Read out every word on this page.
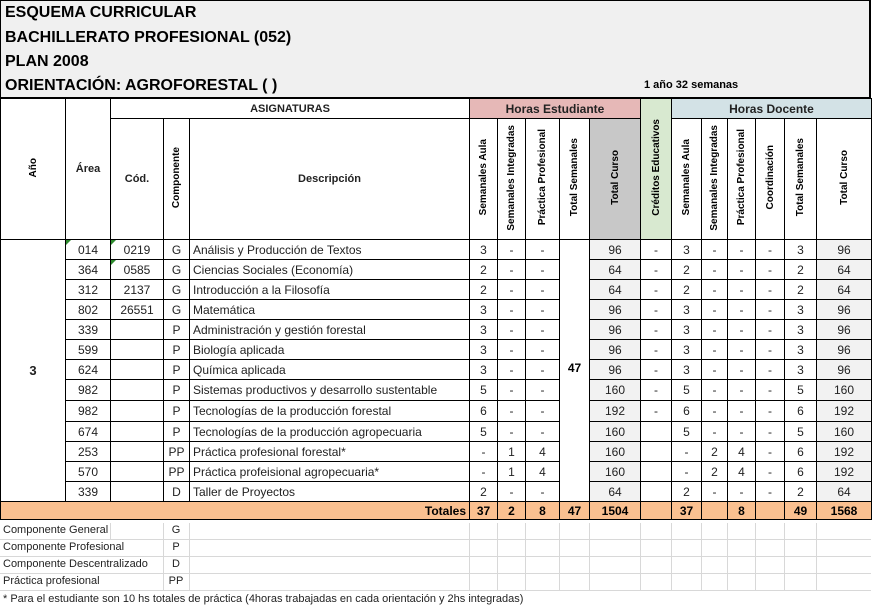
ESQUEMA CURRICULAR
BACHILLERATO PROFESIONAL (052)
PLAN 2008
ORIENTACIÓN: AGROFORESTAL ( )	1 año 32 semanas
Año	Área	ASIGNATURAS			Horas Estudiante					Créditos Educativos	Horas Docente					
		Cód.	Componente	Descripción	Semanales Aula	Semanales Integradas	Práctica Profesional	Total Semanales	Total Curso		Semanales Aula	Semanales Integradas	Práctica Profesional	Coordinación	Total Semanales	Total Curso
3	014	0219	G	Análisis y Producción de Textos	3	-	-	47	96	-	3	-	-	-	3	96
	364	0585	G	Ciencias Sociales (Economía)	2	-	-		64	-	2	-	-	-	2	64
	312	2137	G	Introducción a la Filosofía	2	-	-		64	-	2	-	-	-	2	64
	802	26551	G	Matemática	3	-	-		96	-	3	-	-	-	3	96
	339		P	Administración y gestión forestal	3	-	-		96	-	3	-	-	-	3	96
	599		P	Biología aplicada	3	-	-		96	-	3	-	-	-	3	96
	624		P	Química aplicada	3	-	-		96	-	3	-	-	-	3	96
	982		P	Sistemas productivos y desarrollo sustentable	5	-	-		160	-	5	-	-	-	5	160
	982		P	Tecnologías de la producción forestal	6	-	-		192	-	6	-	-	-	6	192
	674		P	Tecnologías de la producción agropecuaria	5	-	-		160		5	-	-	-	5	160
	253		PP	Práctica profesional forestal*	-	1	4		160		-	2	4	-	6	192
	570		PP	Práctica profeisional agropecuaria*	-	1	4		160		-	2	4	-	6	192
	339		D	Taller de Proyectos	2	-	-		64		2	-	-	-	2	64
Totales					37	2	8	47	1504		37		8		49	1568
Componente General	G
Componente Profesional	P
Componente Descentralizado	D
Práctica profesional	PP
* Para el estudiante son 10 hs totales de práctica (4horas trabajadas en cada orientación y 2hs integradas)
